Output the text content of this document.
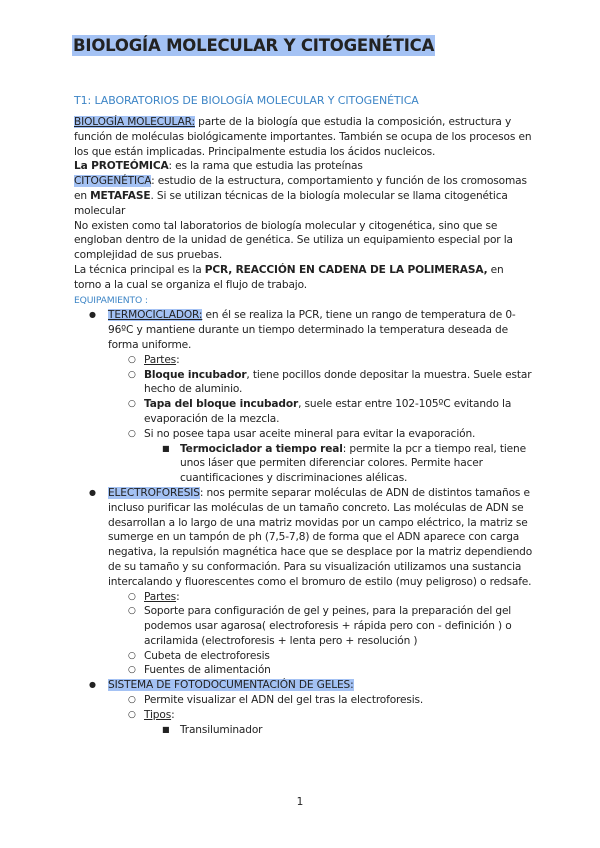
BIOLOGÍA MOLECULAR Y CITOGENÉTICA
T1: LABORATORIOS DE BIOLOGÍA MOLECULAR Y CITOGENÉTICA

BIOLOGÍA MOLECULAR: parte de la biología que estudia la composición, estructura y función de moléculas biológicamente importantes. También se ocupa de los procesos en los que están implicadas. Principalmente estudia los ácidos nucleicos.

La PROTEÓMICA: es la rama que estudia las proteínas

CITOGENÉTICA: estudio de la estructura, comportamiento y función de los cromosomas en METAFASE. Si se utilizan técnicas de la biología molecular se llama citogenética molecular

No existen como tal laboratorios de biología molecular y citogenética, sino que se engloban dentro de la unidad de genética. Se utiliza un equipamiento especial por la complejidad de sus pruebas.

La técnica principal es la PCR, REACCIÓN EN CADENA DE LA POLIMERASA, en torno a la cual se organiza el flujo de trabajo.

EQUIPAMIENTO :

● TERMOCICLADOR: en él se realiza la PCR, tiene un rango de temperatura de 0-96ºC y mantiene durante un tiempo determinado la temperatura deseada de forma uniforme.
○ Partes:
○ Bloque incubador, tiene pocillos donde depositar la muestra. Suele estar hecho de aluminio.
○ Tapa del bloque incubador, suele estar entre 102-105ºC evitando la evaporación de la mezcla.
○ Si no posee tapa usar aceite mineral para evitar la evaporación.
■ Termociclador a tiempo real: permite la pcr a tiempo real, tiene unos láser que permiten diferenciar colores. Permite hacer cuantificaciones y discriminaciones alélicas.
● ELECTROFORESIS: nos permite separar moléculas de ADN de distintos tamaños e incluso purificar las moléculas de un tamaño concreto. Las moléculas de ADN se desarrollan a lo largo de una matriz movidas por un campo eléctrico, la matriz se sumerge en un tampón de ph (7,5-7,8) de forma que el ADN aparece con carga negativa, la repulsión magnética hace que se desplace por la matriz dependiendo de su tamaño y su conformación. Para su visualización utilizamos una sustancia intercalando y fluorescentes como el bromuro de estilo (muy peligroso) o redsafe.
○ Partes:
○ Soporte para configuración de gel y peines, para la preparación del gel podemos usar agarosa( electroforesis + rápida pero con - definición ) o acrilamida (electroforesis + lenta pero + resolución )
○ Cubeta de electroforesis
○ Fuentes de alimentación
● SISTEMA DE FOTODOCUMENTACIÓN DE GELES:
○ Permite visualizar el ADN del gel tras la electroforesis.
○ Tipos:
■ Transiluminador
1
